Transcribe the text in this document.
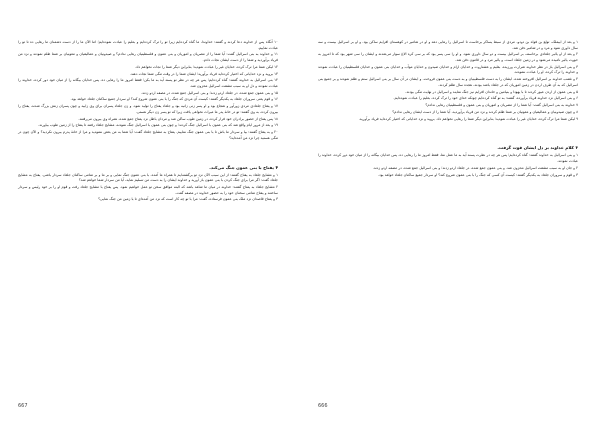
۱۰ آنگاه پس از خداوند دعا کردند و گفتند: خداوندا، ما گناه کرده‌ایم زیرا تو را ترک کرده‌ایم و بعلیم را عبادت نموده‌ایم؛ اما الآن ما را از دست دشمنان ما رهایی ده تا تو را عبادت نماییم.

۱۱ و خداوند به بنی اسرائیل گفت: آیا شما را از مصریان و اموریان و بنی عمون و فلسطینیان رهایی ندادم؟ و صیدونیان و عمالیقیان و معونیان بر شما ظلم نمودند و نزد من فریاد برآوردید و شما را از دست ایشان نجات دادم.

۱۲ لیکن شما مرا ترک کرده، خدایان غیر را عبادت نمودید؛ بنابراین دیگر شما را نجات نخواهم داد.

۱۳ بروید و نزد خدایانی که اختیار کرده‌اید فریاد برآورید؛ ایشان شما را در وقت تنگی شما نجات دهند.

۱۴ بنی اسرائیل به خداوند گفتند: گناه کرده‌ایم؛ پس هر چه در نظر تو پسند آید به ما بکن؛ فقط امروز ما را رهایی ده. پس خدایان بیگانه را از میان خود دور کرده، خداوند را عبادت نمودند و دل او به سبب مشقت اسرائیل محزون شد.

۱۵ و بنی عمون جمع شده، در جلعاد اردو زدند؛ و بنی اسرائیل جمع شده، در مصفه اردو زدند.

۱۶ و قوم یعنی سروران جلعاد به یکدیگر گفتند: کیست آن مردی که جنگ را با بنی عمون شروع کند؟ او سردار جمیع ساکنان جلعاد خواهد بود.

۱۷ و یفتاح جلعادی مردی زورآور و شجاع بود و او پسر زنی زانیه بود و جلعاد یفتاح را تولید نمود. و زن جلعاد پسران برای وی زایید و چون پسران زنش بزرگ شدند، یفتاح را بیرون کرده، به وی گفتند: تو در خانهٔ پدر ما میراث نخواهی یافت زیرا که تو پسر زن دیگر هستی.

۱۸ پس یفتاح از حضور برادران خود فرار کرده، در زمین طوب ساکن شد و مردان باطل نزد یفتاح جمع شده، همراه وی بیرون می‌رفتند.

۱۹ و بعد از مرور ایام واقع شد که بنی عمون با اسرائیل جنگ کردند؛ و چون بنی عمون با اسرائیل جنگ نمودند، مشایخ جلعاد رفتند تا یفتاح را از زمین طوب بیاورند.

۲۰ و به یفتاح گفتند: بیا و سردار ما باش تا با بنی عمون جنگ نماییم. یفتاح به مشایخ جلعاد گفت: آیا شما به من بغض ننمودید و مرا از خانهٔ پدرم بیرون نکردید؟ و الآن چون در تنگی هستید چرا نزد من آمده‌اید؟

۴ یفتاح با بنی عمون جنگ می‌کند.

۱ و مشایخ جلعاد به یفتاح گفتند: از این سبب الآن نزد تو برگشته‌ایم تا همراه ما آمده، با بنی عمون جنگ نمایی و بر ما و بر تمامی ساکنان جلعاد سردار باشی. یفتاح به مشایخ جلعاد گفت: اگر مرا برای جنگ کردن با بنی عمون باز آورید و خداوند ایشان را به دست من تسلیم نماید، آیا من سردار شما خواهم شد؟

۲ مشایخ جلعاد به یفتاح گفتند: خداوند در میان ما شاهد باشد که البته موافق سخن تو عمل خواهیم نمود. پس یفتاح با مشایخ جلعاد رفت و قوم او را بر خود رئیس و سردار ساختند و یفتاح تمامی سخنان خود را به حضور خداوند در مصفه گفت.

۳ و یفتاح قاصدان نزد ملک بنی عمون فرستاده، گفت: مرا با تو چه کار است که نزد من آمده‌ای تا با زمین من جنگ نمایی؟

۱ و بعد از ابیملک، تولع بن فواه بن دودو، مردی از سبط یساکر برخاست تا اسرائیل را رهایی دهد و او در شامیر در کوهستان افرایم ساکن بود. و او بر اسرائیل بیست و سه سال داوری نمود و مرد و در شامیر دفن شد.

۲ و بعد از او یائیر جلعادی برخاسته، بر اسرائیل بیست و دو سال داوری نمود. و او را سی پسر بود که بر سی کره الاغ سوار می‌شدند و ایشان را سی شهر بود که تا امروز به حووت یائیر نامیده می‌شود و در زمین جلعاد است. و یائیر مرد و در قامون دفن شد.

۳ و بنی اسرائیل باز در نظر خداوند شرارت ورزیده، بعلیم و عشتاروت و خدایان ارام و خدایان صیدون و خدایان موآب و خدایان بنی عمون و خدایان فلسطینیان را عبادت نمودند و خداوند را ترک کرده، او را عبادت ننمودند.

۴ و غضب خداوند بر اسرائیل افروخته شده، ایشان را به دست فلسطینیان و به دست بنی عمون فروخت. و ایشان در آن سال بر بنی اسرائیل ستم و ظلم نمودند و بر جمیع بنی اسرائیل که به آن طرف اردن در زمین اموریان که در جلعاد باشد بودند، هجده سال ظلم کردند.

۵ و بنی عمون از اردن عبور کردند تا با یهودا و بنیامین و خاندان افرایم نیز جنگ نمایند و اسرائیل در نهایت تنگی بودند.

۶ و بنی اسرائیل نزد خداوند فریاد برآورده، گفتند: به تو گناه کرده‌ایم چونکه خدای خود را ترک کرده، بعلیم را عبادت نموده‌ایم.

۷ خداوند به بنی اسرائیل گفت: آیا شما را از مصریان و اموریان و بنی عمون و فلسطینیان رهایی ندادم؟

۸ و چون صیدونیان و عمالیقیان و معونیان بر شما ظلم کردند و نزد من فریاد برآوردید، آیا شما را از دست ایشان رهایی ندادم؟

۹ لیکن شما مرا ترک کرده، خدایان غیر را عبادت نمودید؛ بنابراین دیگر شما را رهایی نخواهم داد. بروید و نزد خدایانی که اختیار کرده‌اید فریاد برآورید.

۳ کلام خداوند بر دل ایشان قوت گرفت.

۱ و بنی اسرائیل به خداوند گفتند: گناه کرده‌ایم؛ پس هر چه در نظرت پسند آید به ما عمل نما، فقط امروز ما را رهایی ده. پس خدایان بیگانه را از میان خود دور کرده، خداوند را عبادت نمودند.

۲ و جان او به سبب مشقت اسرائیل محزون شد. و بنی عمون جمع شده، در جلعاد اردو زدند؛ و بنی اسرائیل جمع شده، در مصفه اردو زدند.

۳ و قوم و سروران جلعاد به یکدیگر گفتند: کیست آن کسی که جنگ را با بنی عمون شروع کند؟ او سردار جمیع ساکنان جلعاد خواهد بود.

667	666
